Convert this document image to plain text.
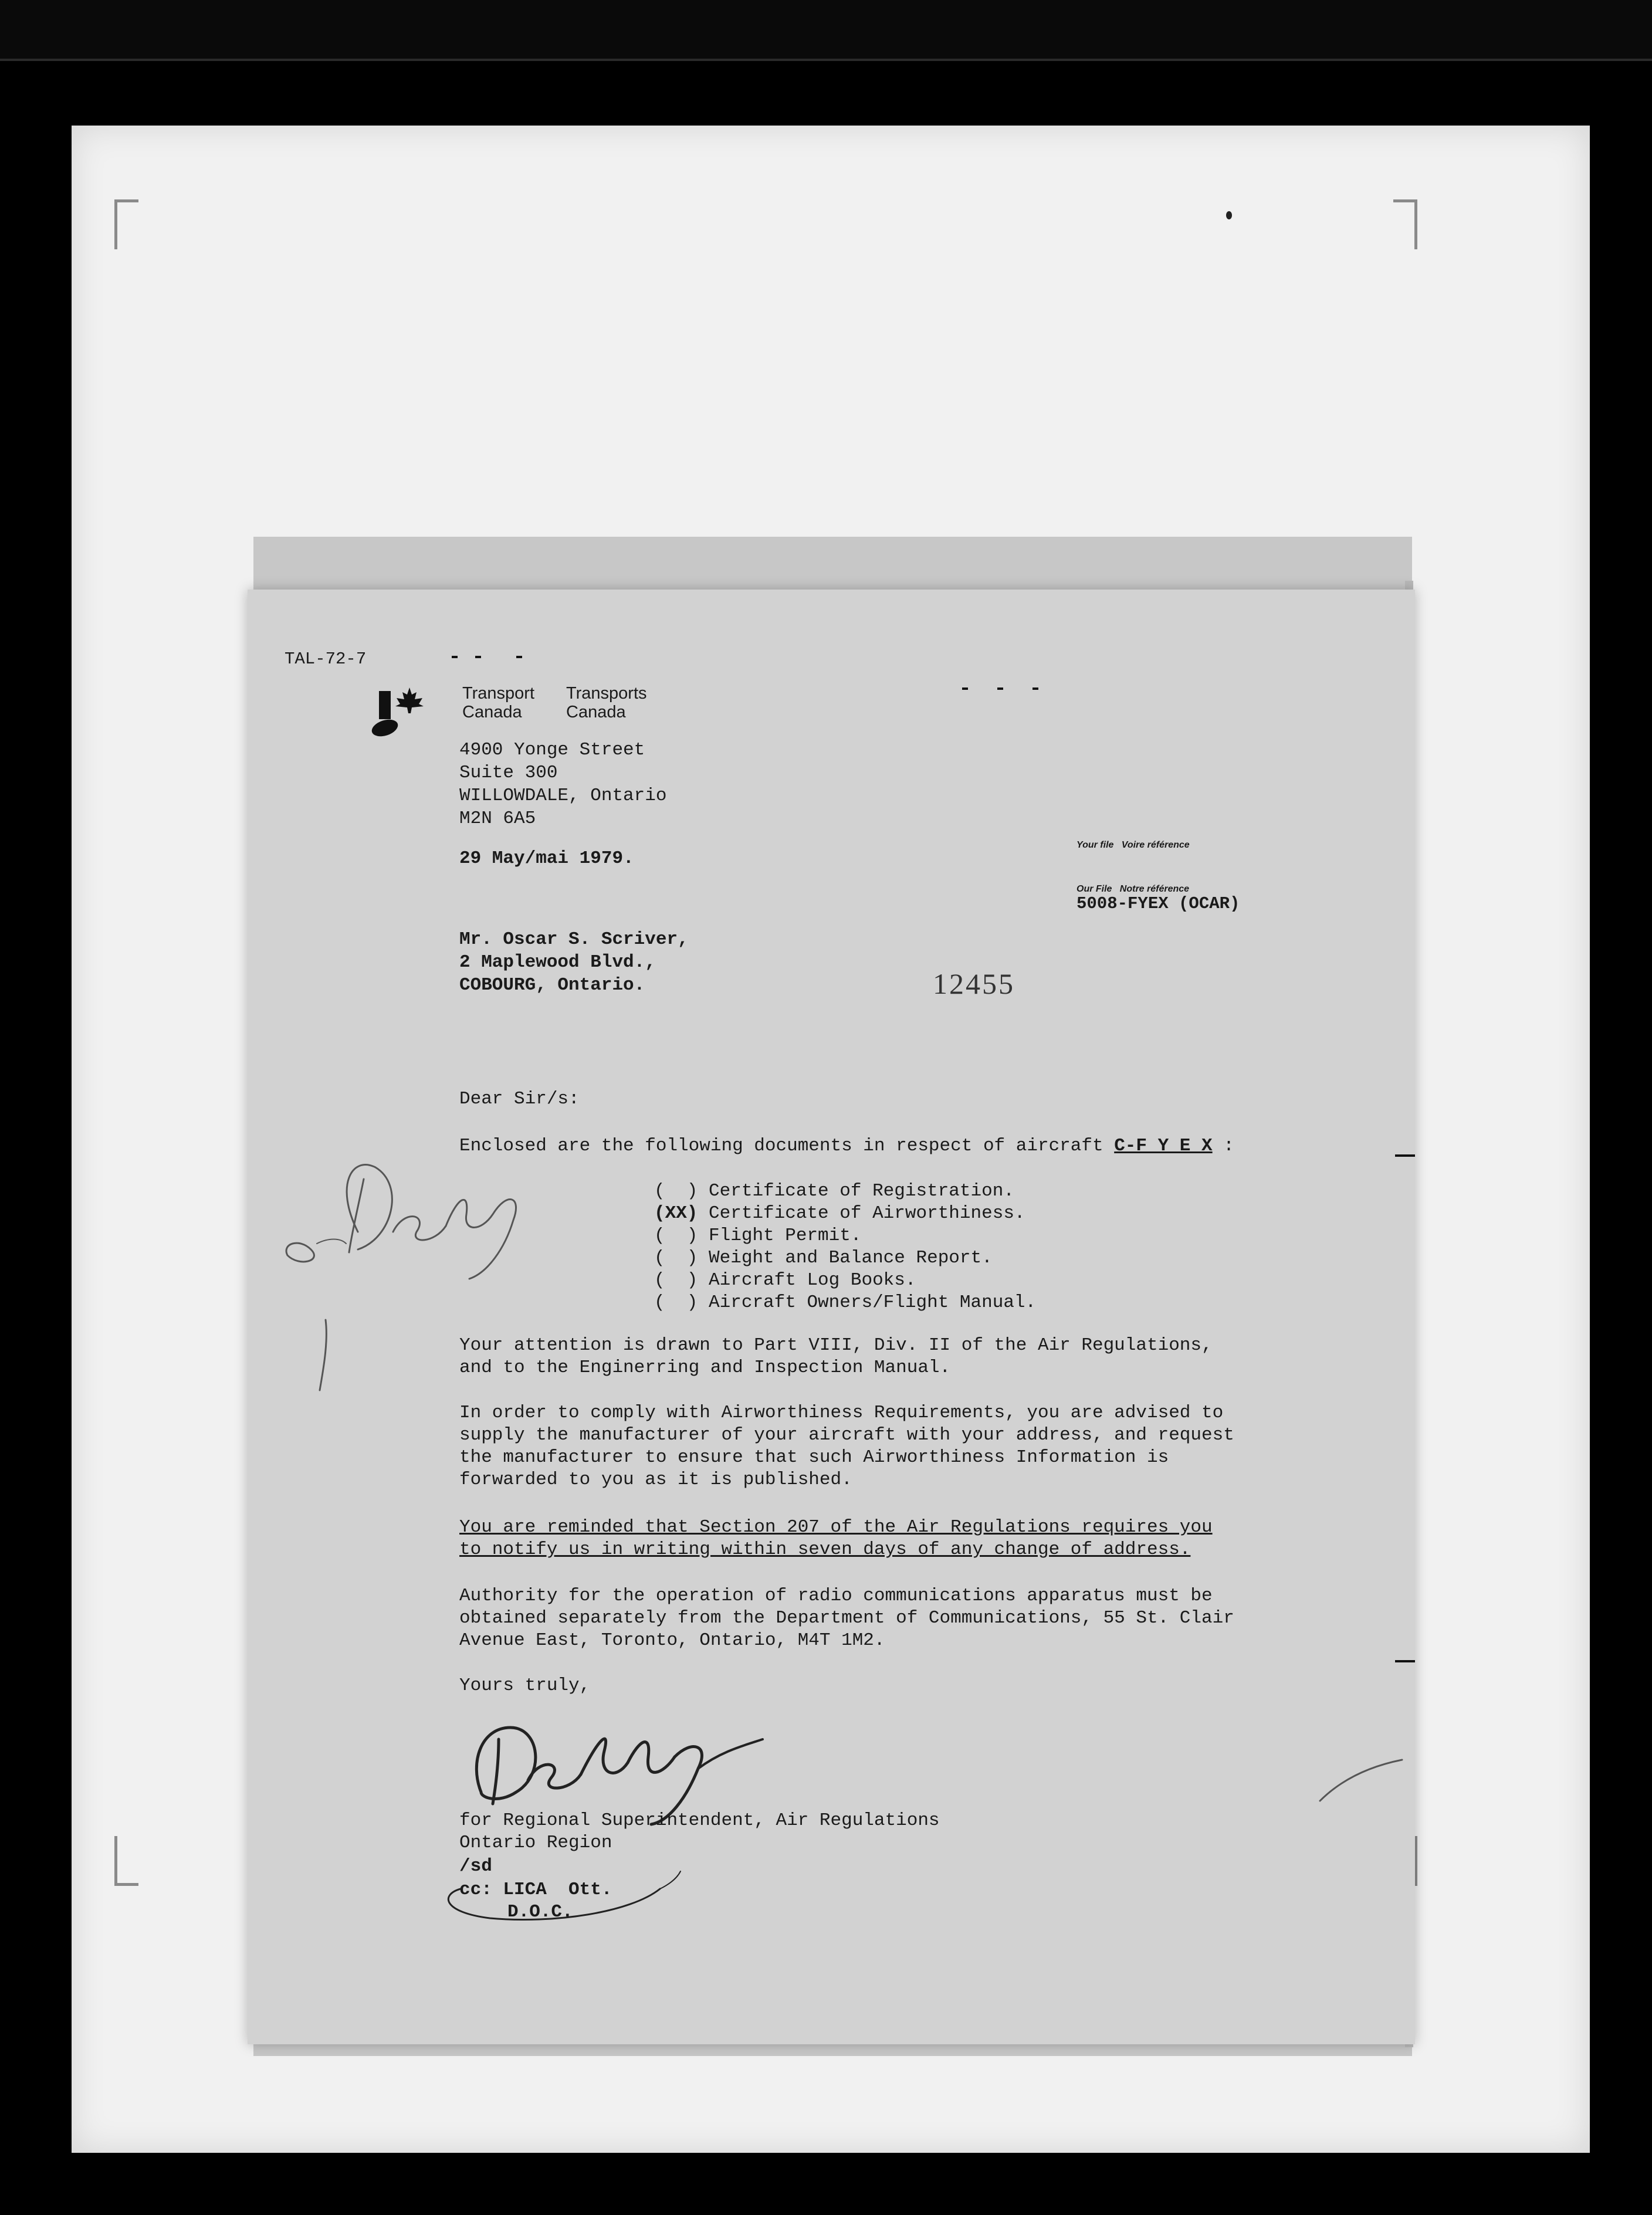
TAL-72-7
Transport
Canada
Transports
Canada
4900 Yonge Street
Suite 300
WILLOWDALE, Ontario
M2N 6A5
29 May/mai 1979.
Your file   Voire référence
Our File   Notre référence
5008-FYEX (OCAR)
Mr. Oscar S. Scriver,
2 Maplewood Blvd.,
COBOURG, Ontario.	12455
Dear Sir/s:
Enclosed are the following documents in respect of aircraft C-F Y E X :
(  ) Certificate of Registration.
(XX) Certificate of Airworthiness.
(  ) Flight Permit.
(  ) Weight and Balance Report.
(  ) Aircraft Log Books.
(  ) Aircraft Owners/Flight Manual.
Your attention is drawn to Part VIII, Div. II of the Air Regulations,
and to the Enginerring and Inspection Manual.
In order to comply with Airworthiness Requirements, you are advised to
supply the manufacturer of your aircraft with your address, and request
the manufacturer to ensure that such Airworthiness Information is
forwarded to you as it is published.
You are reminded that Section 207 of the Air Regulations requires you
to notify us in writing within seven days of any change of address.
Authority for the operation of radio communications apparatus must be
obtained separately from the Department of Communications, 55 St. Clair
Avenue East, Toronto, Ontario, M4T 1M2.
Yours truly,
for Regional Superintendent, Air Regulations
Ontario Region
/sd
cc: LICA  Ott.
D.O.C.
